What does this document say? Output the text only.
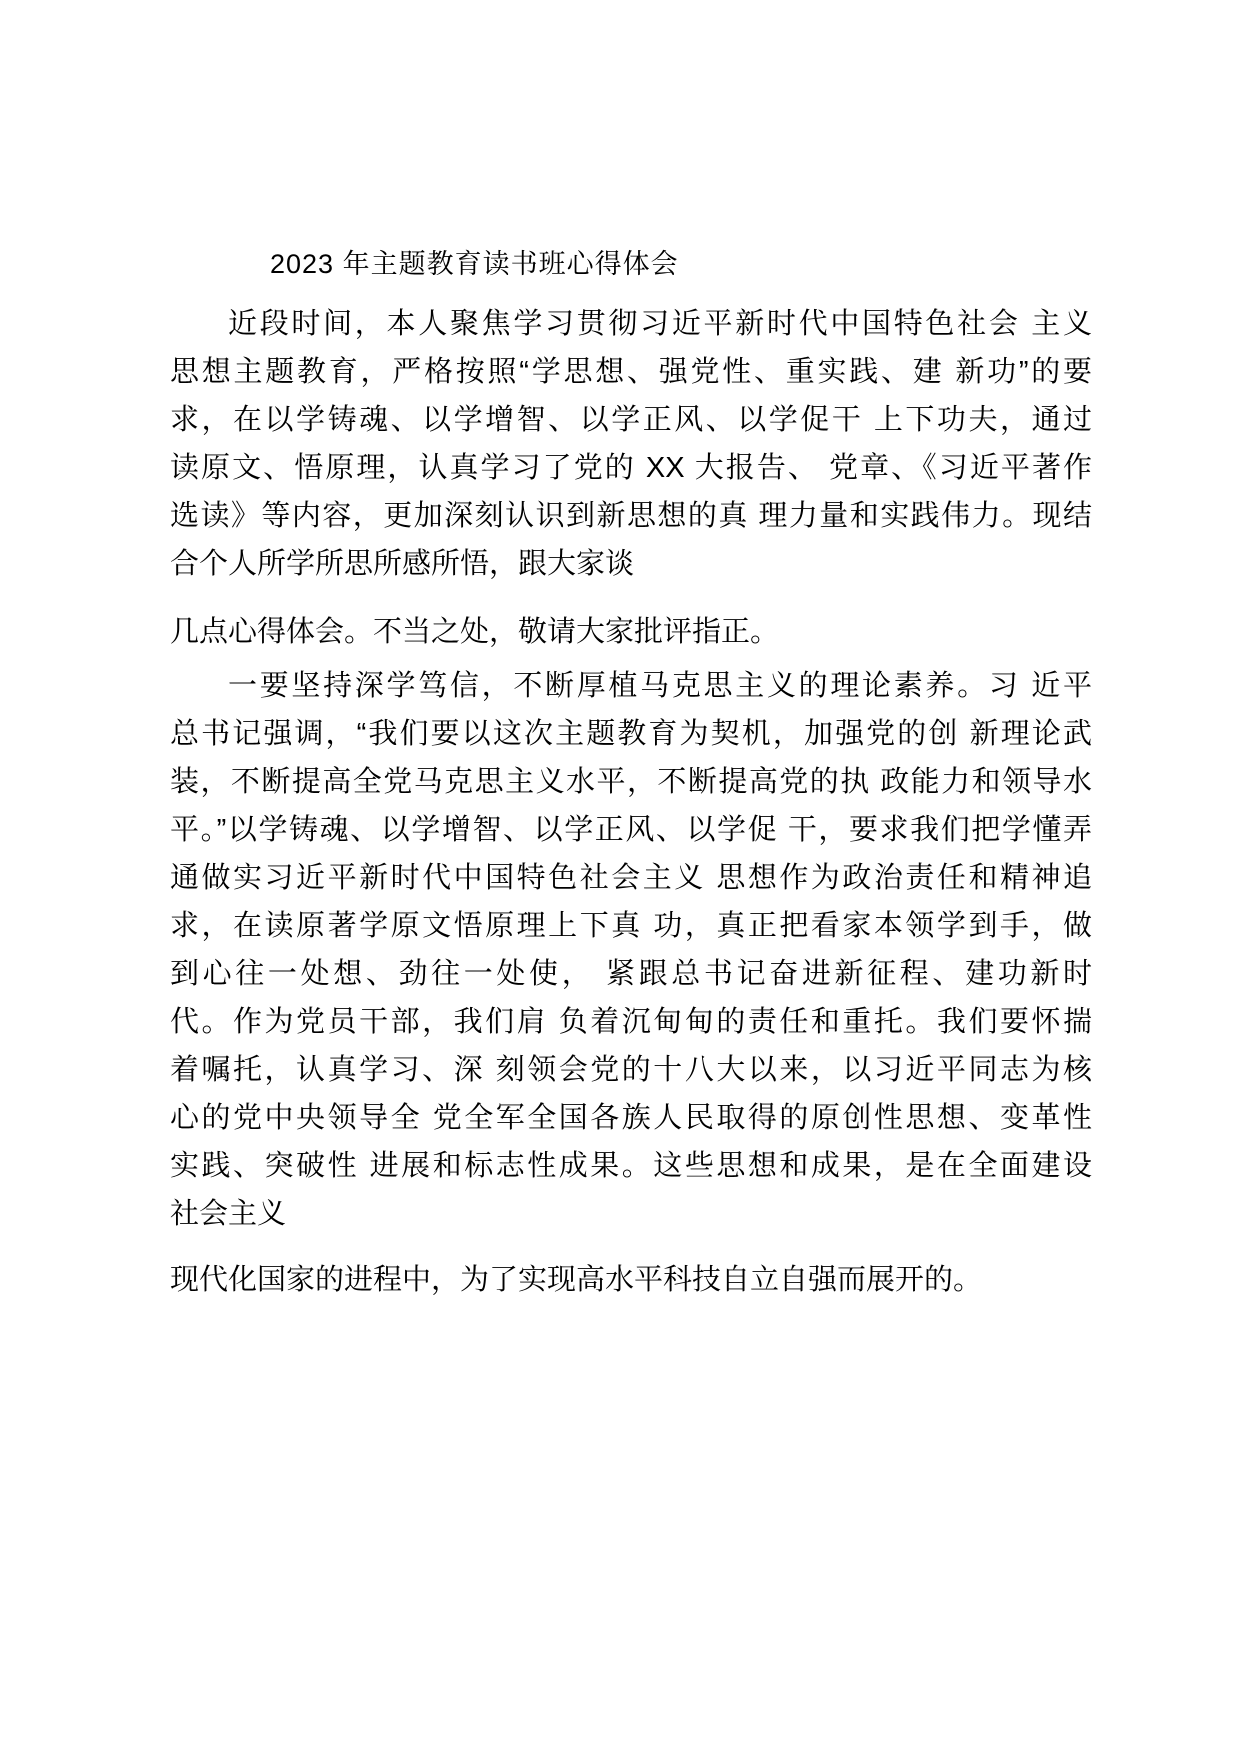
2023 年主题教育读书班心得体会
近段时间，本人聚焦学习贯彻习近平新时代中国特色社会 主义
思想主题教育，严格按照“学思想、强党性、重实践、建 新功”的要
求，在以学铸魂、以学增智、以学正风、以学促干 上下功夫，通过
读原文、悟原理，认真学习了党的 XX 大报告、 党章、《习近平著作
选读》等内容，更加深刻认识到新思想的真 理力量和实践伟力。现结
合个人所学所思所感所悟，跟大家谈
几点心得体会。不当之处，敬请大家批评指正。
一要坚持深学笃信，不断厚植马克思主义的理论素养。习 近平
总书记强调，“我们要以这次主题教育为契机，加强党的创 新理论武
装，不断提高全党马克思主义水平，不断提高党的执 政能力和领导水
平。”以学铸魂、以学增智、以学正风、以学促 干，要求我们把学懂弄
通做实习近平新时代中国特色社会主义 思想作为政治责任和精神追
求，在读原著学原文悟原理上下真 功，真正把看家本领学到手，做
到心往一处想、劲往一处使， 紧跟总书记奋进新征程、建功新时
代。作为党员干部，我们肩 负着沉甸甸的责任和重托。我们要怀揣
着嘱托，认真学习、深 刻领会党的十八大以来，以习近平同志为核
心的党中央领导全 党全军全国各族人民取得的原创性思想、变革性
实践、突破性 进展和标志性成果。这些思想和成果，是在全面建设
社会主义
现代化国家的进程中，为了实现高水平科技自立自强而展开的。
